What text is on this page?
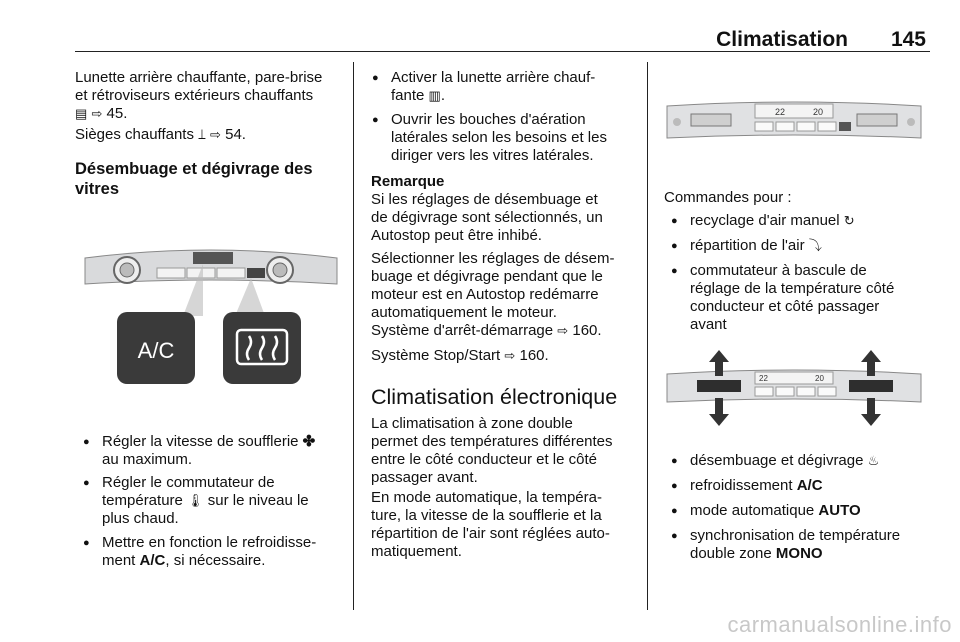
Climatisation 145
Lunette arrière chauffante, pare-brise
et rétroviseurs extérieurs chauffants
▤ ⇨ 45.
Sièges chauffants ⟘ ⇨ 54.
Désembuage et dégivrage des
vitres
A/C
● Régler la vitesse de soufflerie ✤
au maximum.
● Régler le commutateur de
température 🌡︎ sur le niveau le
plus chaud.
● Mettre en fonction le refroidisse-
ment A/C, si nécessaire.
● Activer la lunette arrière chauf-
fante ▥.
● Ouvrir les bouches d'aération
latérales selon les besoins et les
diriger vers les vitres latérales.
Remarque
Si les réglages de désembuage et
de dégivrage sont sélectionnés, un
Autostop peut être inhibé.
Sélectionner les réglages de désem-
buage et dégivrage pendant que le
moteur est en Autostop redémarre
automatiquement le moteur.
Système d'arrêt-démarrage ⇨ 160.
Système Stop/Start ⇨ 160.
Climatisation électronique
La climatisation à zone double
permet des températures différentes
entre le côté conducteur et le côté
passager avant.
En mode automatique, la tempéra-
ture, la vitesse de la soufflerie et la
répartition de l'air sont réglées auto-
matiquement.
22	20
Commandes pour :
● recyclage d'air manuel ↻
● répartition de l'air ⤵
● commutateur à bascule de
réglage de la température côté
conducteur et côté passager
avant
22	20
● désembuage et dégivrage ♨
● refroidissement A/C
● mode automatique AUTO
● synchronisation de température
double zone MONO
carmanualsonline.info
